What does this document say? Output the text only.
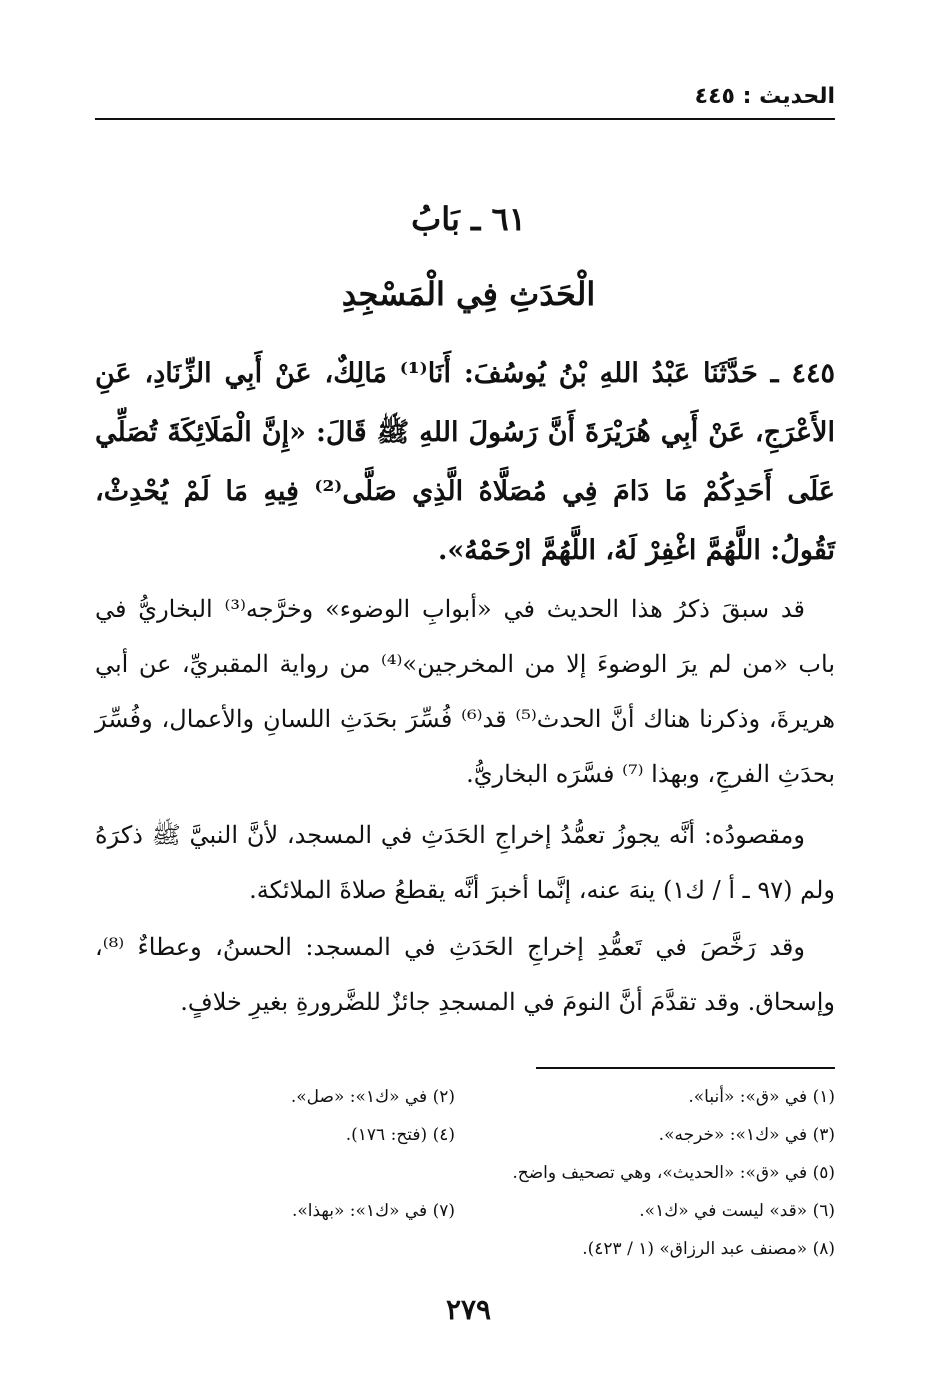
الحديث : ٤٤٥
٦١ ـ بَابُ
الْحَدَثِ فِي الْمَسْجِدِ
٤٤٥ ـ حَدَّثَنَا عَبْدُ اللهِ بْنُ يُوسُفَ: أَنَا⁽¹⁾ مَالِكٌ، عَنْ أَبِي الزِّنَادِ، عَنِ الأَعْرَجِ، عَنْ أَبِي هُرَيْرَةَ أَنَّ رَسُولَ اللهِ ﷺ قَالَ: «إِنَّ الْمَلَائِكَةَ تُصَلِّي عَلَى أَحَدِكُمْ مَا دَامَ فِي مُصَلَّاهُ الَّذِي صَلَّى⁽²⁾ فِيهِ مَا لَمْ يُحْدِثْ، تَقُولُ: اللَّهُمَّ اغْفِرْ لَهُ، اللَّهُمَّ ارْحَمْهُ».
قد سبقَ ذكرُ هذا الحديث في «أبوابِ الوضوء» وخرَّجه⁽³⁾ البخاريُّ في باب «من لم يرَ الوضوءَ إلا من المخرجين»⁽⁴⁾ من رواية المقبريِّ، عن أبي هريرةَ، وذكرنا هناك أنَّ الحدث⁽⁵⁾ قد⁽⁶⁾ فُسِّرَ بحَدَثِ اللسانِ والأعمال، وفُسِّرَ بحدَثِ الفرجِ، وبهذا ⁽⁷⁾ فسَّرَه البخاريُّ.
ومقصودُه: أنَّه يجوزُ تعمُّدُ إخراجِ الحَدَثِ في المسجد، لأنَّ النبيَّ ﷺ ذكرَهُ ولم (٩٧ ـ أ / ك١) ينهَ عنه، إنَّما أخبرَ أنَّه يقطعُ صلاةَ الملائكة.
وقد رَخَّصَ في تَعمُّدِ إخراجِ الحَدَثِ في المسجد: الحسنُ، وعطاءٌ ⁽⁸⁾، وإسحاق. وقد تقدَّمَ أنَّ النومَ في المسجدِ جائزٌ للضَّرورةِ بغيرِ خلافٍ.
(١) في «ق»: «أنبا».
(٢) في «ك١»: «صل».
(٣) في «ك١»: «خرجه».
(٤) (فتح: ١٧٦).
(٥) في «ق»: «الحديث»، وهي تصحيف واضح.
(٦) «قد» ليست في «ك١».
(٧) في «ك١»: «بهذا».
(٨) «مصنف عبد الرزاق» (١ / ٤٢٣).
٢٧٩
